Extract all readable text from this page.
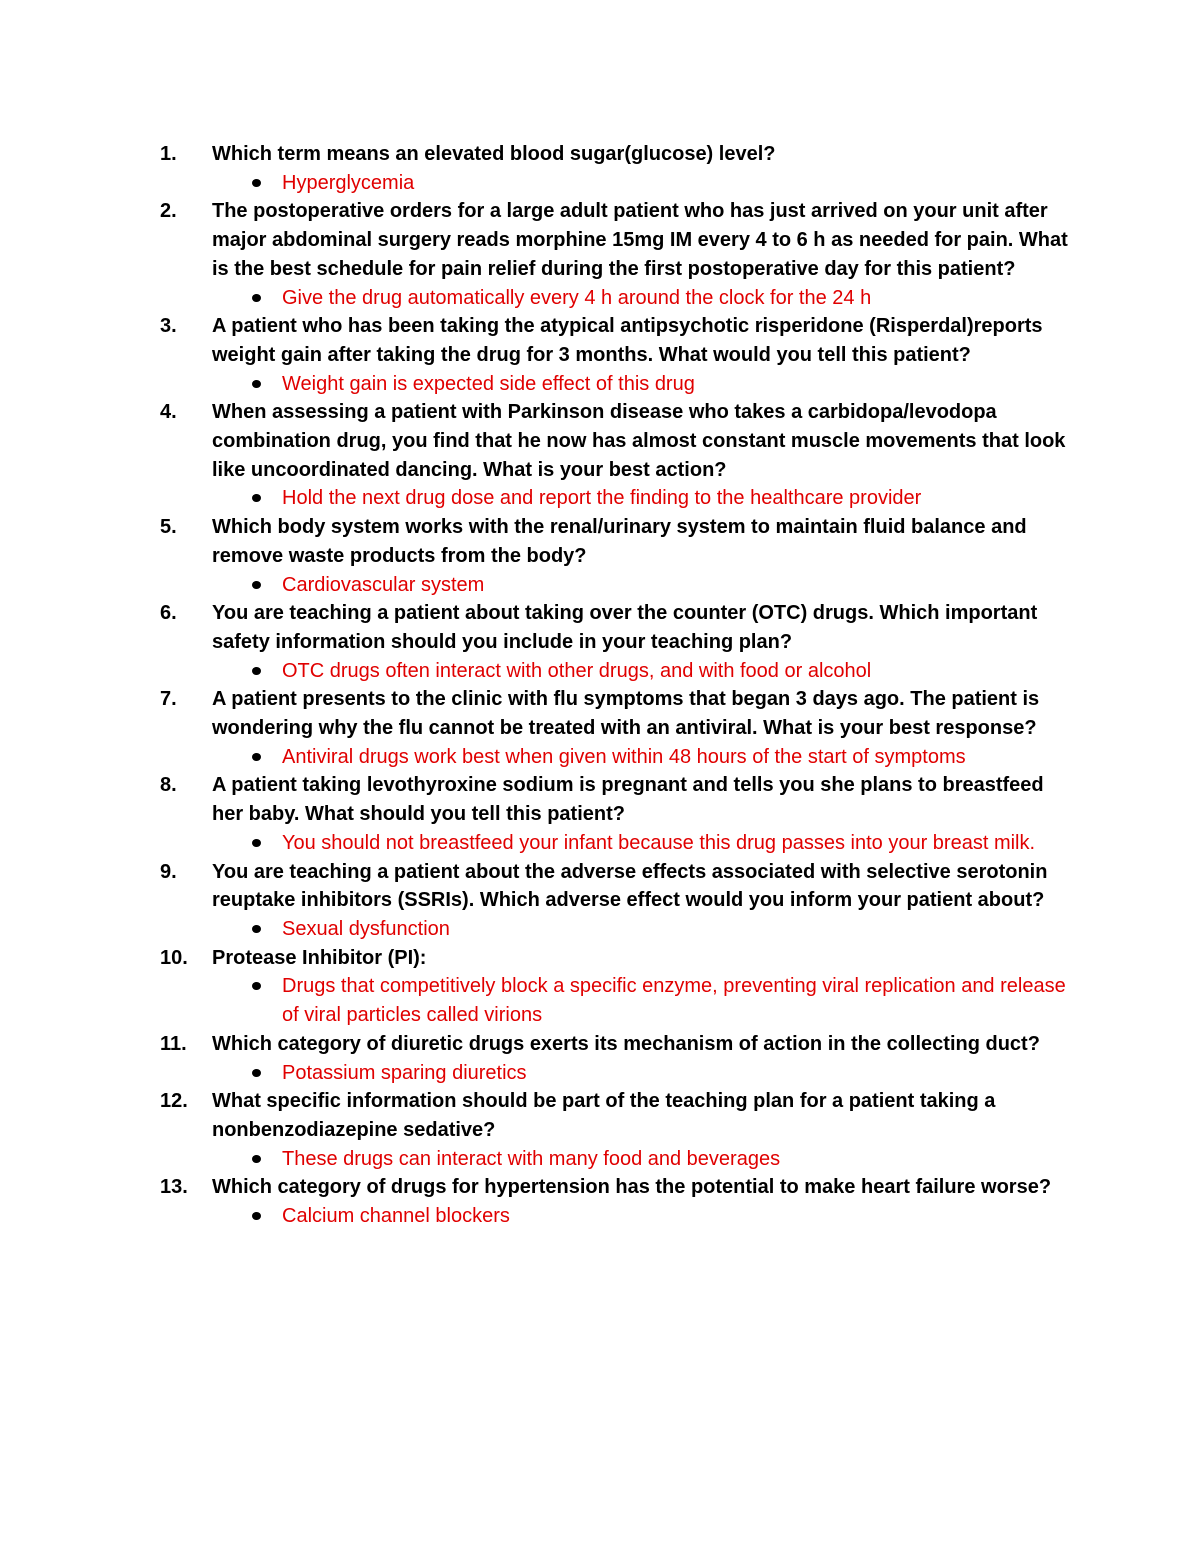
1.	Which term means an elevated blood sugar(glucose) level?

Hyperglycemia

2.	The postoperative orders for a large adult patient who has just arrived on your unit after major abdominal surgery reads morphine 15mg IM every 4 to 6 h as needed for pain. What is the best schedule for pain relief during the first postoperative day for this patient?

Give the drug automatically every 4 h around the clock for the 24 h

3.	A patient who has been taking the atypical antipsychotic risperidone (Risperdal)reports weight gain after taking the drug for 3 months. What would you tell this patient?

Weight gain is expected side effect of this drug

4.	When assessing a patient with Parkinson disease who takes a carbidopa/levodopa combination drug, you find that he now has almost constant muscle movements that look like uncoordinated dancing. What is your best action?

Hold the next drug dose and report the finding to the healthcare provider

5.	Which body system works with the renal/urinary system to maintain fluid balance and remove waste products from the body?

Cardiovascular system

6.	You are teaching a patient about taking over the counter (OTC) drugs. Which important safety information should you include in your teaching plan?

OTC drugs often interact with other drugs, and with food or alcohol

7.	A patient presents to the clinic with flu symptoms that began 3 days ago. The patient is wondering why the flu cannot be treated with an antiviral. What is your best response?

Antiviral drugs work best when given within 48 hours of the start of symptoms

8.	A patient taking levothyroxine sodium is pregnant and tells you she plans to breastfeed her baby. What should you tell this patient?

You should not breastfeed your infant because this drug passes into your breast milk.

9.	You are teaching a patient about the adverse effects associated with selective serotonin reuptake inhibitors (SSRIs). Which adverse effect would you inform your patient about?

Sexual dysfunction

10.	Protease Inhibitor (PI):

Drugs that competitively block a specific enzyme, preventing viral replication and release of viral particles called virions

11.	Which category of diuretic drugs exerts its mechanism of action in the collecting duct?

Potassium sparing diuretics

12.	What specific information should be part of the teaching plan for a patient taking a nonbenzodiazepine sedative?

These drugs can interact with many food and beverages

13.	Which category of drugs for hypertension has the potential to make heart failure worse?

Calcium channel blockers
